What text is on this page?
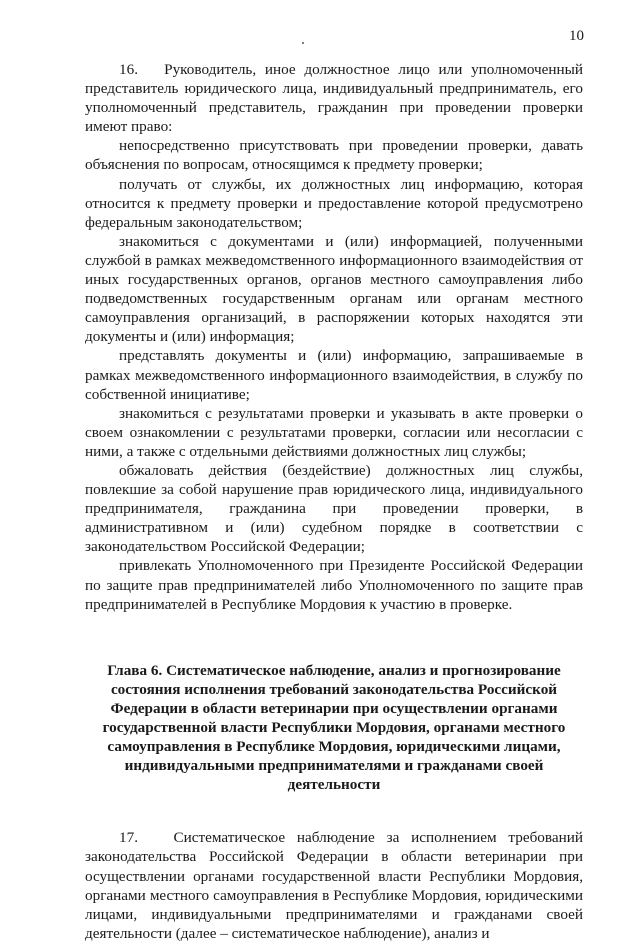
10

16.   Руководитель, иное должностное лицо или уполномоченный представитель юридического лица, индивидуальный предприниматель, его уполномоченный представитель, гражданин при проведении проверки имеют право:

непосредственно присутствовать при проведении проверки, давать объяснения по вопросам, относящимся к предмету проверки;

получать от службы, их должностных лиц информацию, которая относится к предмету проверки и предоставление которой предусмотрено федеральным законодательством;

знакомиться с документами и (или) информацией, полученными службой в рамках межведомственного информационного взаимодействия от иных государственных органов, органов местного самоуправления либо подведомственных государственным органам или органам местного самоуправления организаций, в распоряжении которых находятся эти документы и (или) информация;

представлять документы и (или) информацию, запрашиваемые в рамках межведомственного информационного взаимодействия, в службу по собственной инициативе;

знакомиться с результатами проверки и указывать в акте проверки о своем ознакомлении с результатами проверки, согласии или несогласии с ними, а также с отдельными действиями должностных лиц службы;

обжаловать действия (бездействие) должностных лиц службы, повлекшие за собой нарушение прав юридического лица, индивидуального предпринимателя, гражданина при проведении проверки, в административном и (или) судебном порядке в соответствии с законодательством Российской Федерации;

привлекать Уполномоченного при Президенте Российской Федерации по защите прав предпринимателей либо Уполномоченного по защите прав предпринимателей в Республике Мордовия к участию в проверке.

Глава 6. Систематическое наблюдение, анализ и прогнозирование состояния исполнения требований законодательства Российской Федерации в области ветеринарии при осуществлении органами государственной власти Республики Мордовия, органами местного самоуправления в Республике Мордовия, юридическими лицами, индивидуальными предпринимателями и гражданами своей деятельности

17.   Систематическое наблюдение за исполнением требований законодательства Российской Федерации в области ветеринарии при осуществлении органами государственной власти Республики Мордовия, органами местного самоуправления в Республике Мордовия, юридическими лицами, индивидуальными предпринимателями и гражданами своей деятельности (далее – систематическое наблюдение), анализ и
